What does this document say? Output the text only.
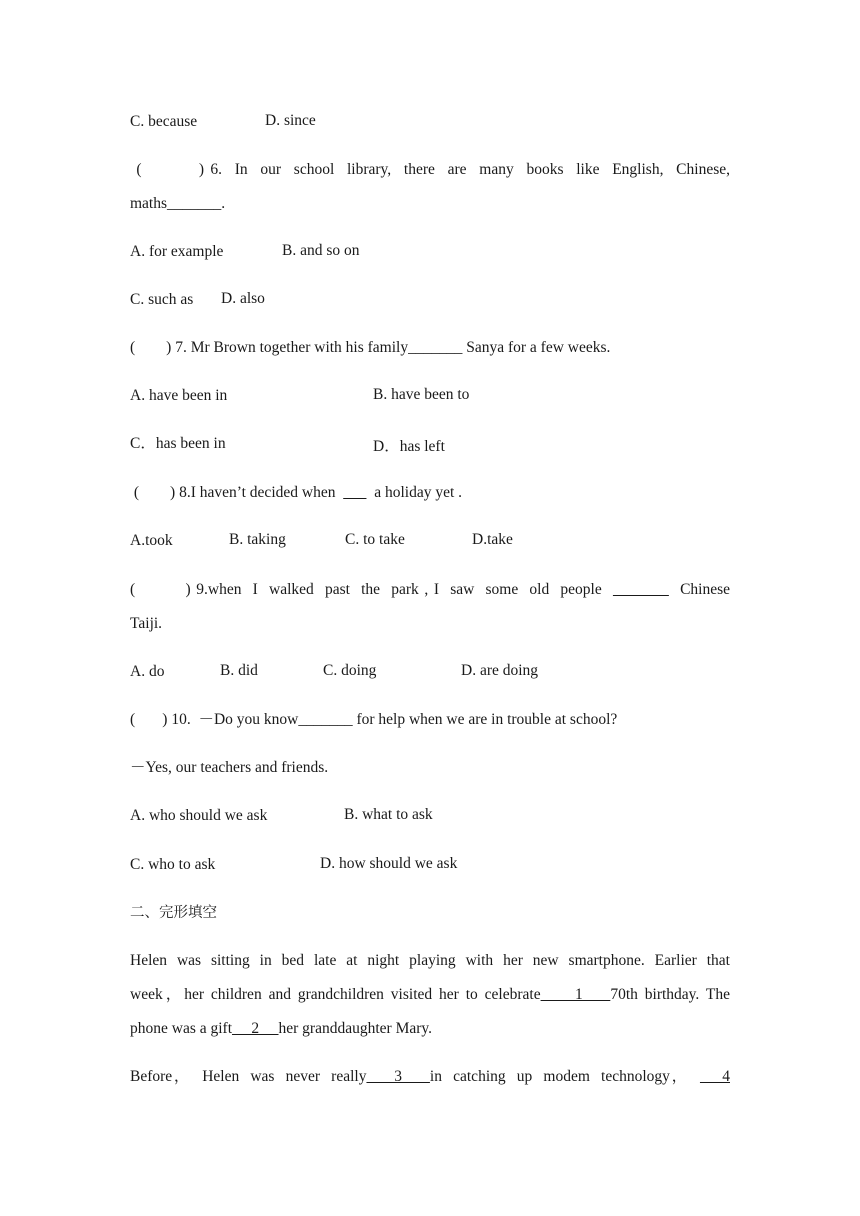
C. because	D. since
(         ) 6.  In  our  school  library,  there  are  many  books  like  English,  Chinese,
maths_______.
A. for example	B. and so on
C. such as D. also
(        ) 7. Mr Brown together with his family_______ Sanya for a few weeks.
A. have been in	B. have been to
C．has been in	D．has left
(        ) 8.I haven’t decided when          a holiday yet .
A.took	B. taking	C. to take	D.take
(         ) 9.when  I  walked  past  the  park , I  saw  some  old  people	Chinese
Taiji.
A. do	B. did	C. doing	D. are doing
(       ) 10.  －Do you know_______ for help when we are in trouble at school?
－Yes, our teachers and friends.
A. who should we ask	B. what to ask
C. who to ask	D. how should we ask
二、完形填空
Helen was sitting in bed late at night playing with her new smartphone. Earlier that
week，her children and grandchildren visited her to celebrate     1    70th birthday. The
phone was a gift     2     her granddaughter Mary.
Before，  Helen  was  never  really     3     in  catching  up  modem  technology，      4
